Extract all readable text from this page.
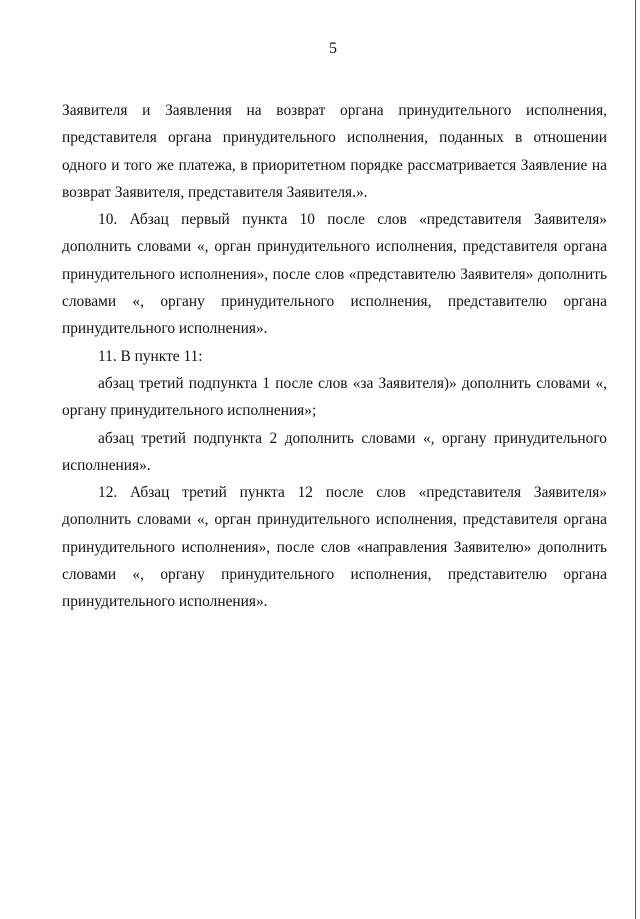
5

Заявителя и Заявления на возврат органа принудительного исполнения, представителя органа принудительного исполнения, поданных в отношении одного и того же платежа, в приоритетном порядке рассматривается Заявление на возврат Заявителя, представителя Заявителя.».

10. Абзац первый пункта 10 после слов «представителя Заявителя» дополнить словами «, орган принудительного исполнения, представителя органа принудительного исполнения», после слов «представителю Заявителя» дополнить словами «, органу принудительного исполнения, представителю органа принудительного исполнения».

11. В пункте 11:

абзац третий подпункта 1 после слов «за Заявителя)» дополнить словами «, органу принудительного исполнения»;

абзац третий подпункта 2 дополнить словами «, органу принудительного исполнения».

12. Абзац третий пункта 12 после слов «представителя Заявителя» дополнить словами «, орган принудительного исполнения, представителя органа принудительного исполнения», после слов «направления Заявителю» дополнить словами «, органу принудительного исполнения, представителю органа принудительного исполнения».
